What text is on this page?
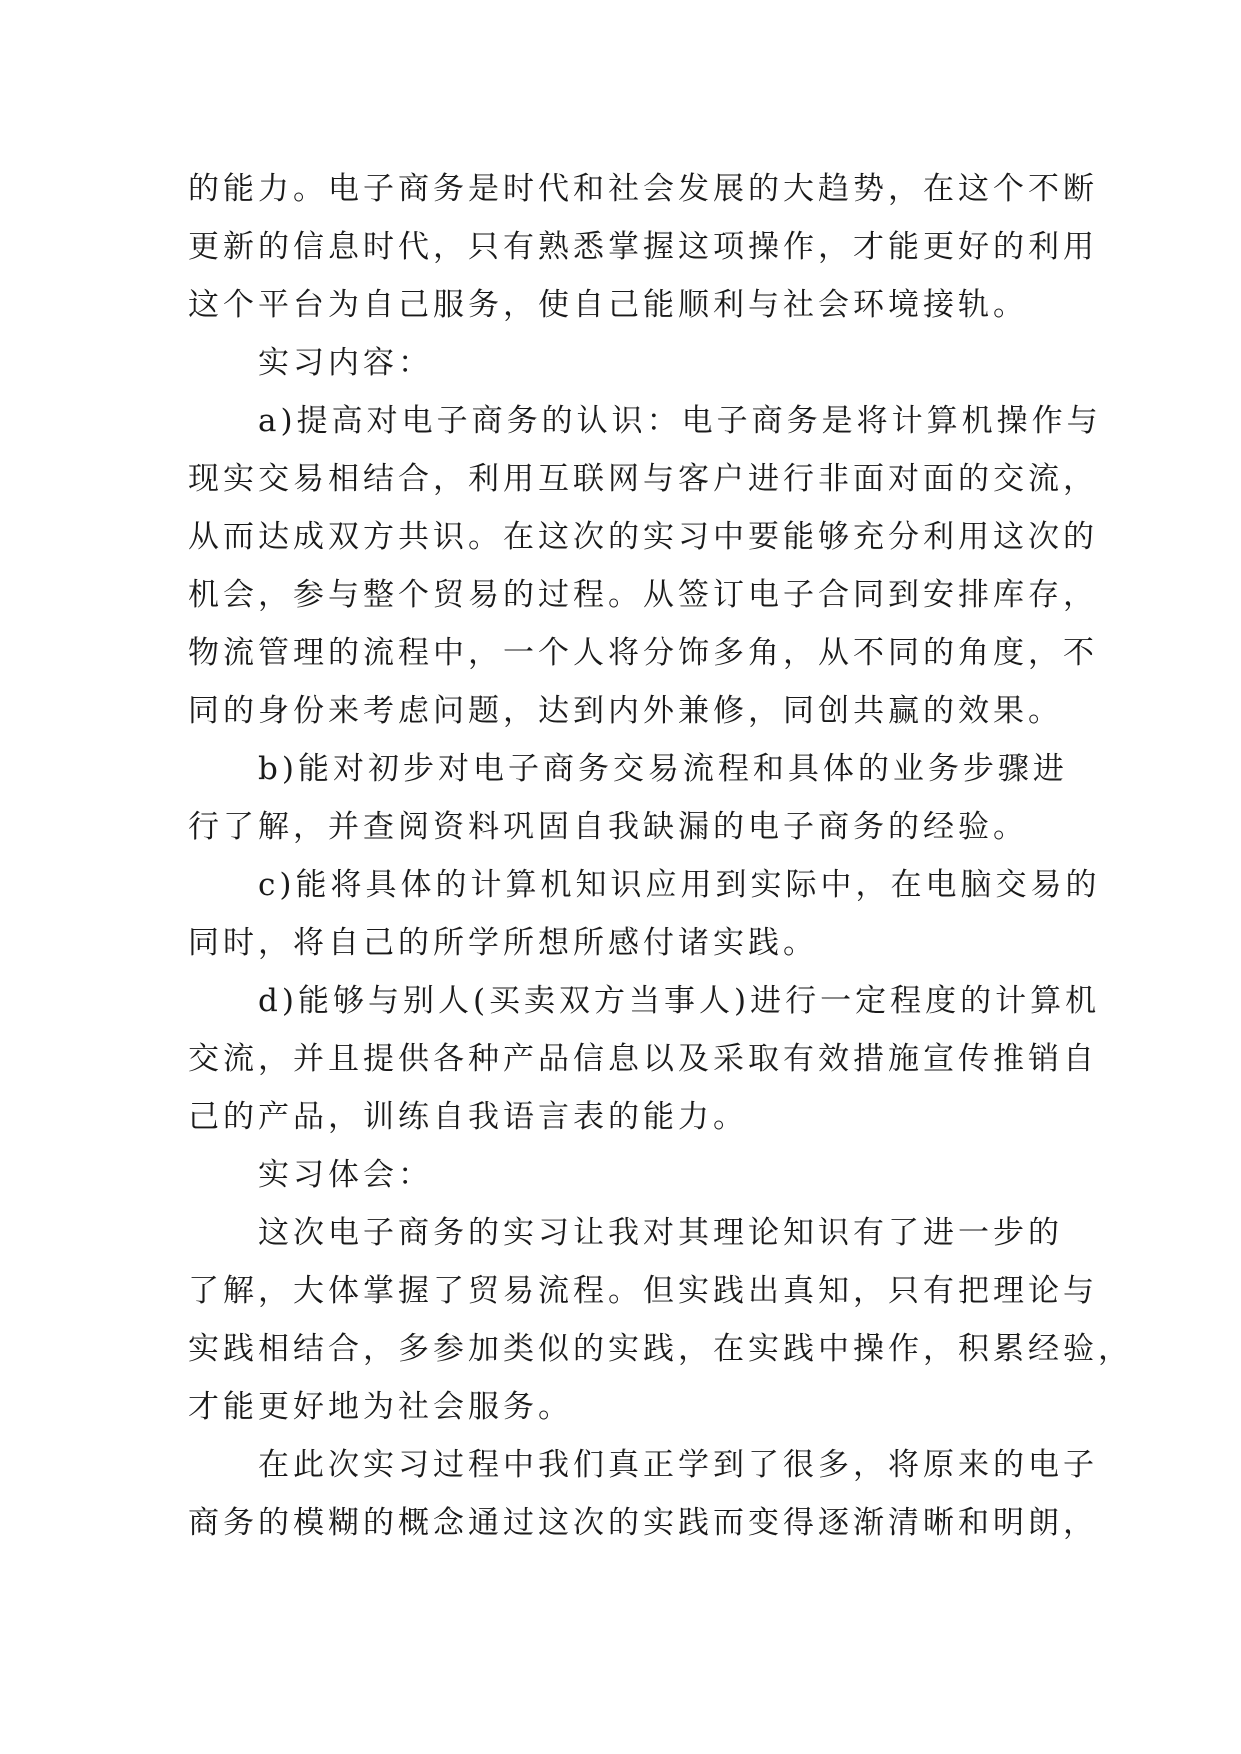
的能力。电子商务是时代和社会发展的大趋势，在这个不断
更新的信息时代，只有熟悉掌握这项操作，才能更好的利用
这个平台为自己服务，使自己能顺利与社会环境接轨。
　　实习内容：
　　a)提高对电子商务的认识：电子商务是将计算机操作与
现实交易相结合，利用互联网与客户进行非面对面的交流，
从而达成双方共识。在这次的实习中要能够充分利用这次的
机会，参与整个贸易的过程。从签订电子合同到安排库存，
物流管理的流程中，一个人将分饰多角，从不同的角度，不
同的身份来考虑问题，达到内外兼修，同创共赢的效果。
　　b)能对初步对电子商务交易流程和具体的业务步骤进
行了解，并查阅资料巩固自我缺漏的电子商务的经验。
　　c)能将具体的计算机知识应用到实际中，在电脑交易的
同时，将自己的所学所想所感付诸实践。
　　d)能够与别人(买卖双方当事人)进行一定程度的计算机
交流，并且提供各种产品信息以及采取有效措施宣传推销自
己的产品，训练自我语言表的能力。
　　实习体会：
　　这次电子商务的实习让我对其理论知识有了进一步的
了解，大体掌握了贸易流程。但实践出真知，只有把理论与
实践相结合，多参加类似的实践，在实践中操作，积累经验，
才能更好地为社会服务。
　　在此次实习过程中我们真正学到了很多，将原来的电子
商务的模糊的概念通过这次的实践而变得逐渐清晰和明朗，
